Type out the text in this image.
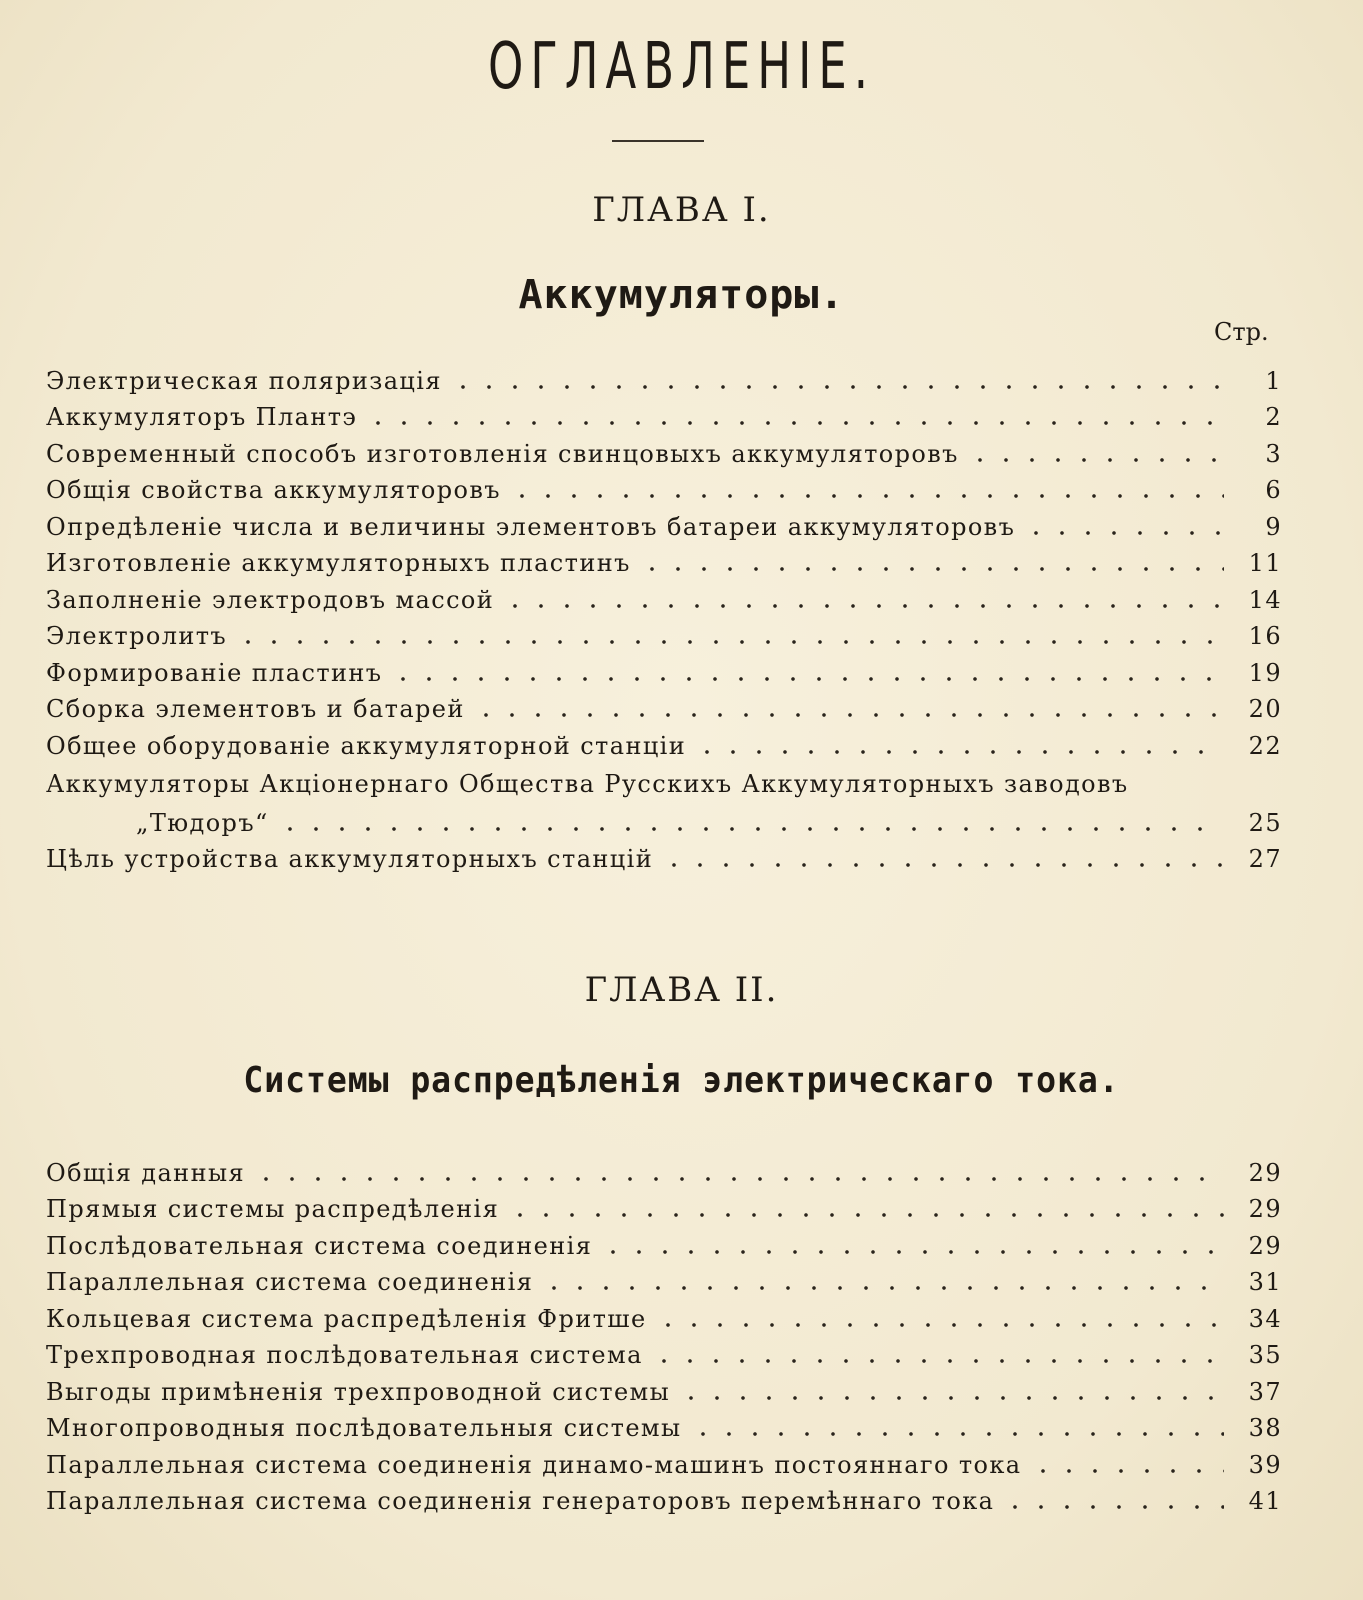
ОГЛАВЛЕНІЕ.
ГЛАВА I.
Аккумуляторы.
Стр.
Электрическая поляризація	1
Аккумуляторъ Плантэ	2
Современный способъ изготовленія свинцовыхъ аккумуляторовъ	3
Общія свойства аккумуляторовъ	6
Опредѣленіе числа и величины элементовъ батареи аккумуляторовъ	9
Изготовленіе аккумуляторныхъ пластинъ	11
Заполненіе электродовъ массой	14
Электролитъ	16
Формированіе пластинъ	19
Сборка элементовъ и батарей	20
Общее оборудованіе аккумуляторной станціи	22
Аккумуляторы Акціонернаго Общества Русскихъ Аккумуляторныхъ заводовъ
„Тюдоръ“	25
Цѣль устройства аккумуляторныхъ станцій	27
ГЛАВА II.
Системы распредѣленія электрическаго тока.
Общія данныя	29
Прямыя системы распредѣленія	29
Послѣдовательная система соединенія	29
Параллельная система соединенія	31
Кольцевая система распредѣленія Фритше	34
Трехпроводная послѣдовательная система	35
Выгоды примѣненія трехпроводной системы	37
Многопроводныя послѣдовательныя системы	38
Параллельная система соединенія динамо-машинъ постояннаго тока	39
Параллельная система соединенія генераторовъ перемѣннаго тока	41
